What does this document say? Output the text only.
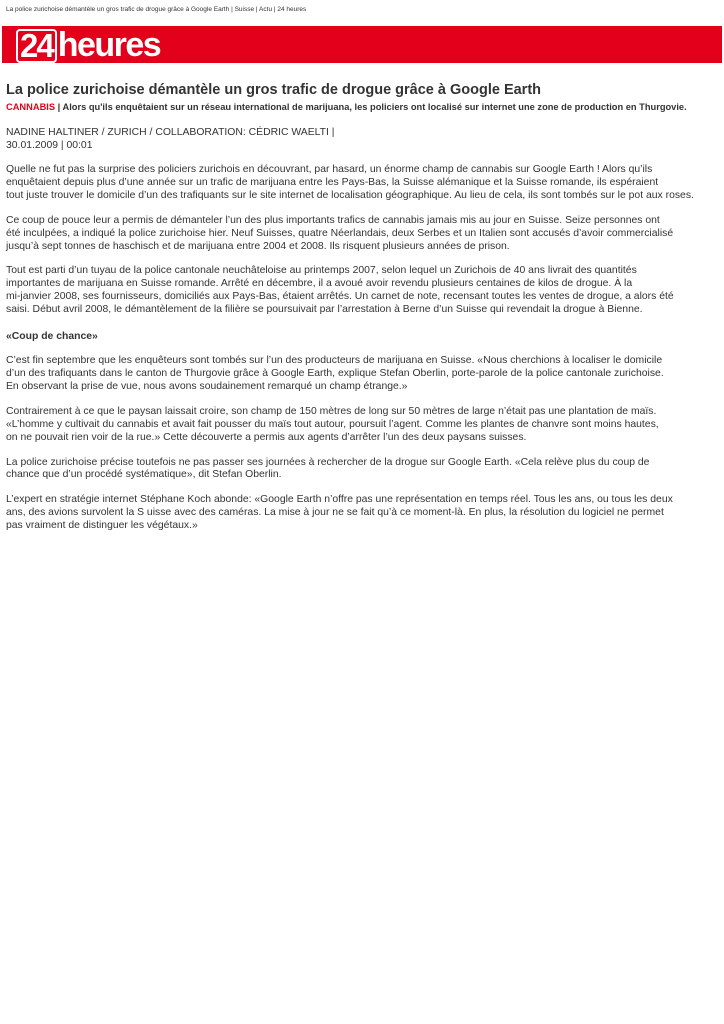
La police zurichoise démantèle un gros trafic de drogue grâce à Google Earth | Suisse | Actu | 24 heures
24 heures
La police zurichoise démantèle un gros trafic de drogue grâce à Google Earth

CANNABIS | Alors qu'ils enquêtaient sur un réseau international de marijuana, les policiers ont localisé sur internet une zone de production en Thurgovie.

NADINE HALTINER / ZURICH / COLLABORATION: CÉDRIC WAELTI |
30.01.2009 | 00:01

Quelle ne fut pas la surprise des policiers zurichois en découvrant, par hasard, un énorme champ de cannabis sur Google Earth ! Alors qu’ils
enquêtaient depuis plus d’une année sur un trafic de marijuana entre les Pays-Bas, la Suisse alémanique et la Suisse romande, ils espéraient
tout juste trouver le domicile d’un des trafiquants sur le site internet de localisation géographique. Au lieu de cela, ils sont tombés sur le pot aux roses.

Ce coup de pouce leur a permis de démanteler l’un des plus importants trafics de cannabis jamais mis au jour en Suisse. Seize personnes ont
été inculpées, a indiqué la police zurichoise hier. Neuf Suisses, quatre Néerlandais, deux Serbes et un Italien sont accusés d’avoir commercialisé
jusqu’à sept tonnes de haschisch et de marijuana entre 2004 et 2008. Ils risquent plusieurs années de prison.

Tout est parti d’un tuyau de la police cantonale neuchâteloise au printemps 2007, selon lequel un Zurichois de 40 ans livrait des quantités
importantes de marijuana en Suisse romande. Arrêté en décembre, il a avoué avoir revendu plusieurs centaines de kilos de drogue. À la
mi-janvier 2008, ses fournisseurs, domiciliés aux Pays-Bas, étaient arrêtés. Un carnet de note, recensant toutes les ventes de drogue, a alors été
saisi. Début avril 2008, le démantèlement de la filière se poursuivait par l’arrestation à Berne d’un Suisse qui revendait la drogue à Bienne.

«Coup de chance»

C’est fin septembre que les enquêteurs sont tombés sur l’un des producteurs de marijuana en Suisse. «Nous cherchions à localiser le domicile
d’un des trafiquants dans le canton de Thurgovie grâce à Google Earth, explique Stefan Oberlin, porte-parole de la police cantonale zurichoise.
En observant la prise de vue, nous avons soudainement remarqué un champ étrange.»

Contrairement à ce que le paysan laissait croire, son champ de 150 mètres de long sur 50 mètres de large n’était pas une plantation de maïs.
«L’homme y cultivait du cannabis et avait fait pousser du maïs tout autour, poursuit l’agent. Comme les plantes de chanvre sont moins hautes,
on ne pouvait rien voir de la rue.» Cette découverte a permis aux agents d’arrêter l’un des deux paysans suisses.

La police zurichoise précise toutefois ne pas passer ses journées à rechercher de la drogue sur Google Earth. «Cela relève plus du coup de
chance que d’un procédé systématique», dit Stefan Oberlin.

L’expert en stratégie internet Stéphane Koch abonde: «Google Earth n’offre pas une représentation en temps réel. Tous les ans, ou tous les deux
ans, des avions survolent la S uisse avec des caméras. La mise à jour ne se fait qu’à ce moment-là. En plus, la résolution du logiciel ne permet
pas vraiment de distinguer les végétaux.»
